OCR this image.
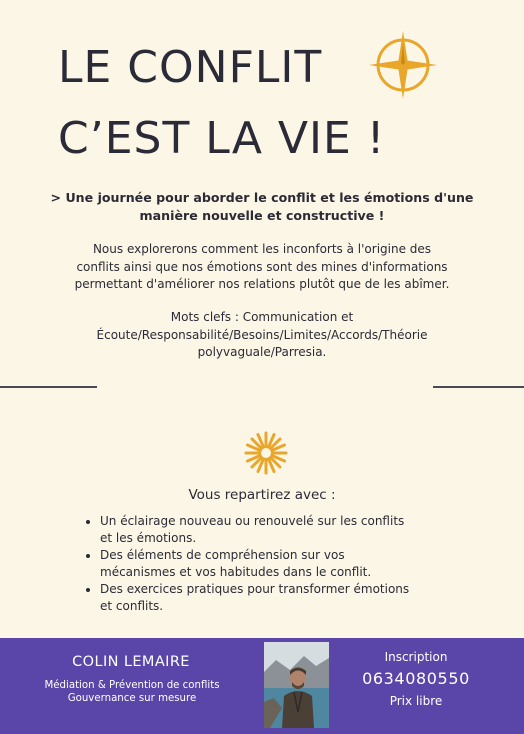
LE CONFLIT
C’EST LA VIE !
> Une journée pour aborder le conflit et les émotions d'une
manière nouvelle et constructive !
Nous explorerons comment les inconforts à l'origine des
conflits ainsi que nos émotions sont des mines d'informations
permettant d'améliorer nos relations plutôt que de les abîmer.
Mots clefs : Communication et
Écoute/Responsabilité/Besoins/Limites/Accords/Théorie
polyvaguale/Parresia.
Vous repartirez avec :
• Un éclairage nouveau ou renouvelé sur les conflits et les émotions.
• Des éléments de compréhension sur vos mécanismes et vos habitudes dans le conflit.
• Des exercices pratiques pour transformer émotions et conflits.
COLIN LEMAIRE
Médiation & Prévention de conflits
Gouvernance sur mesure
Inscription
0634080550
Prix libre
